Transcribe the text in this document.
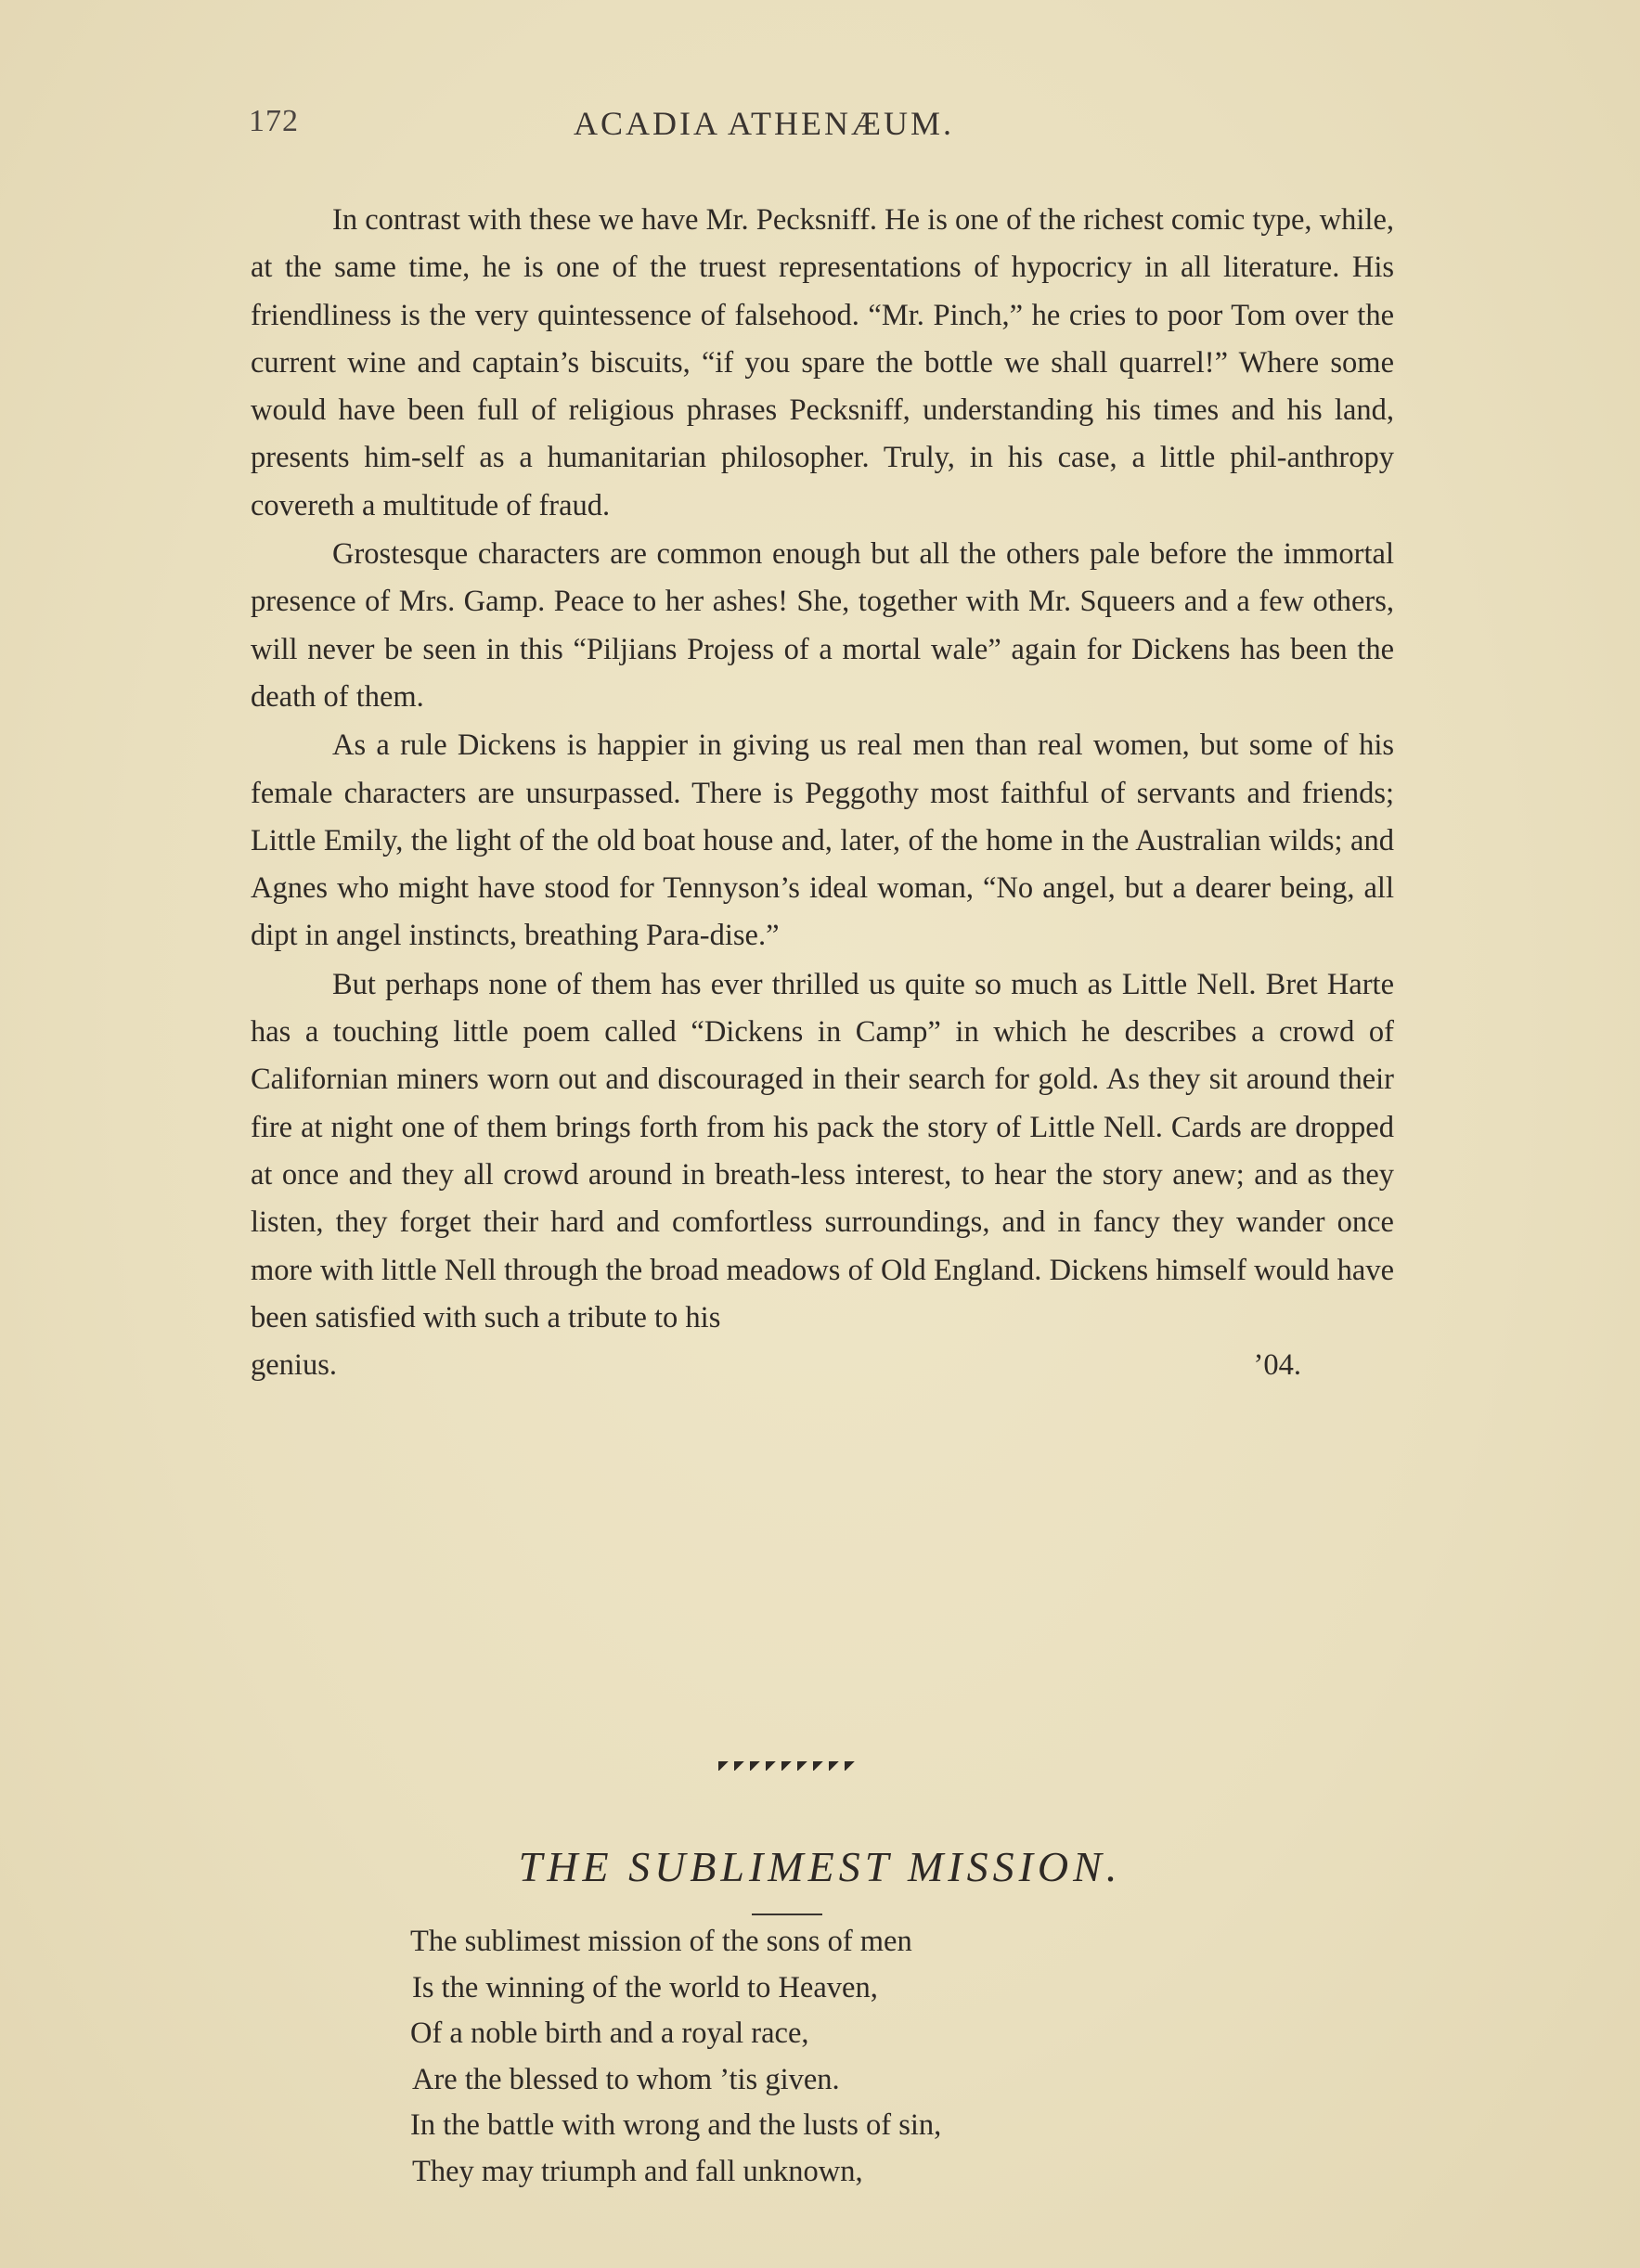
172	ACADIA ATHENÆUM.

In contrast with these we have Mr. Pecksniff. He is one of the richest comic type, while, at the same time, he is one of the truest representations of hypocricy in all literature. His friendliness is the very quintessence of falsehood. “Mr. Pinch,” he cries to poor Tom over the current wine and captain’s biscuits, “if you spare the bottle we shall quarrel!” Where some would have been full of religious phrases Pecksniff, understanding his times and his land, presents him-self as a humanitarian philosopher. Truly, in his case, a little phil-anthropy covereth a multitude of fraud.

Grostesque characters are common enough but all the others pale before the immortal presence of Mrs. Gamp. Peace to her ashes! She, together with Mr. Squeers and a few others, will never be seen in this “Piljians Projess of a mortal wale” again for Dickens has been the death of them.

As a rule Dickens is happier in giving us real men than real women, but some of his female characters are unsurpassed. There is Peggothy most faithful of servants and friends; Little Emily, the light of the old boat house and, later, of the home in the Australian wilds; and Agnes who might have stood for Tennyson’s ideal woman, “No angel, but a dearer being, all dipt in angel instincts, breathing Para-dise.”

But perhaps none of them has ever thrilled us quite so much as Little Nell. Bret Harte has a touching little poem called “Dickens in Camp” in which he describes a crowd of Californian miners worn out and discouraged in their search for gold. As they sit around their fire at night one of them brings forth from his pack the story of Little Nell. Cards are dropped at once and they all crowd around in breath-less interest, to hear the story anew; and as they listen, they forget their hard and comfortless surroundings, and in fancy they wander once more with little Nell through the broad meadows of Old England. Dickens himself would have been satisfied with such a tribute to his

genius.	’04.
THE SUBLIMEST MISSION.
The sublimest mission of the sons of men
Is the winning of the world to Heaven,
Of a noble birth and a royal race,
Are the blessed to whom ’tis given.
In the battle with wrong and the lusts of sin,
They may triumph and fall unknown,
